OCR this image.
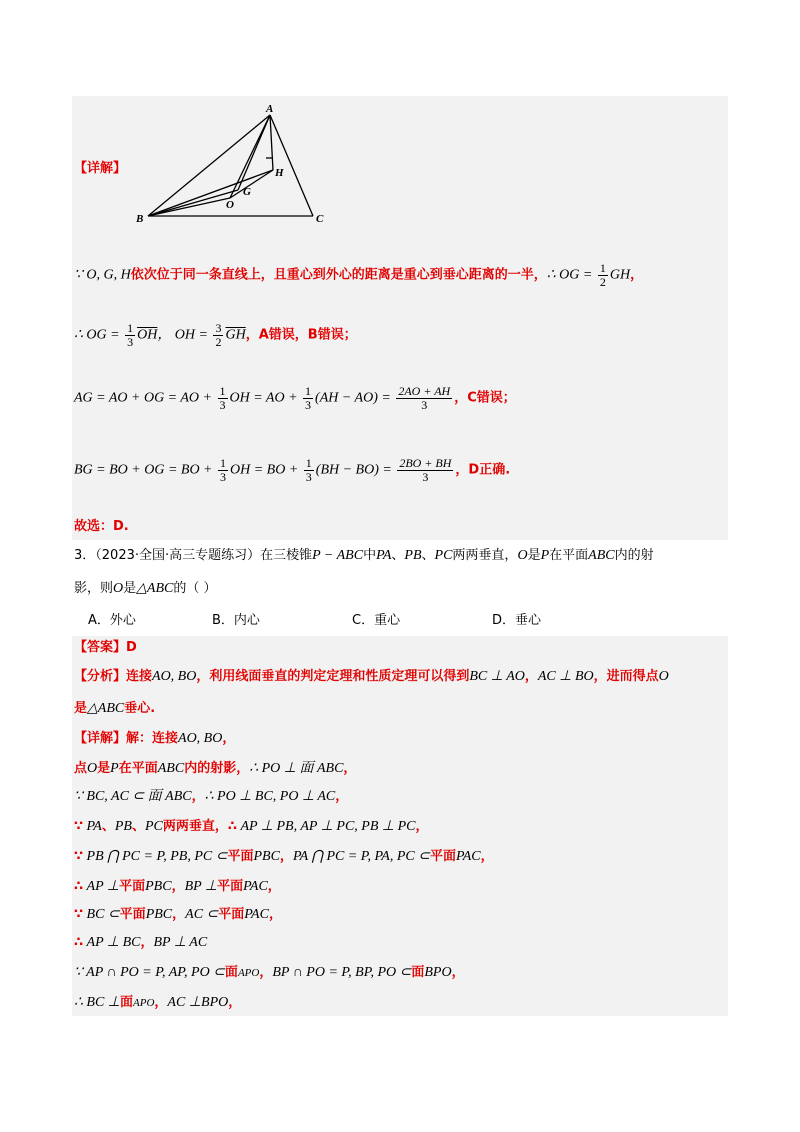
【详解】
A
B	C
H
G
O
∵ O, G, H依次位于同一条直线上，且重心到外心的距离是重心到垂心距离的一半，∴ OG = $\frac{1}{2}$ GH，
∴ OG = $\frac{1}{3} \overline{OH}$， OH = $\frac{3}{2} \overline{GH}$，A错误，B错误；
AG = AO + OG = AO + $\frac{1}{3}$ OH = AO + $\frac{1}{3} (AH - AO) = \frac{2AO + AH}{3}$ ，C错误；
BG = BO + OG = BO + $\frac{1}{3}$ OH = BO + $\frac{1}{3} (BH - BO) = \frac{2BO + BH}{3}$ ，D正确.
故选：D.
3．（2023·全国·高三专题练习）在三棱锥P − ABC中PA、PB、PC两两垂直，O是P在平面ABC内的射
影，则O是△ABC的（ ）
A．外心	B．内心	C．重心	D．垂心
【答案】D
【分析】连接AO, BO，利用线面垂直的判定定理和性质定理可以得到BC ⊥ AO，AC ⊥ BO，进而得点O
是△ABC垂心.
【详解】解：连接AO, BO，
点O是P在平面ABC内的射影，∴ PO ⊥ 面 ABC，
∵ BC, AC ⊂ 面 ABC，∴ PO ⊥ BC, PO ⊥ AC，
∵ PA、PB、PC两两垂直，∴ AP ⊥ PB, AP ⊥ PC, PB ⊥ PC，
∵ PB ⋂ PC = P, PB, PC ⊂平面PBC，PA ⋂ PC = P, PA, PC ⊂平面PAC，
∴ AP ⊥平面PBC，BP ⊥平面PAC，
∵ BC ⊂平面PBC，AC ⊂平面PAC，
∴ AP ⊥ BC，BP ⊥ AC
∵ AP ∩ PO = P, AP, PO ⊂面APO，BP ∩ PO = P, BP, PO ⊂面BPO，
∴ BC ⊥面APO，AC ⊥BPO，
